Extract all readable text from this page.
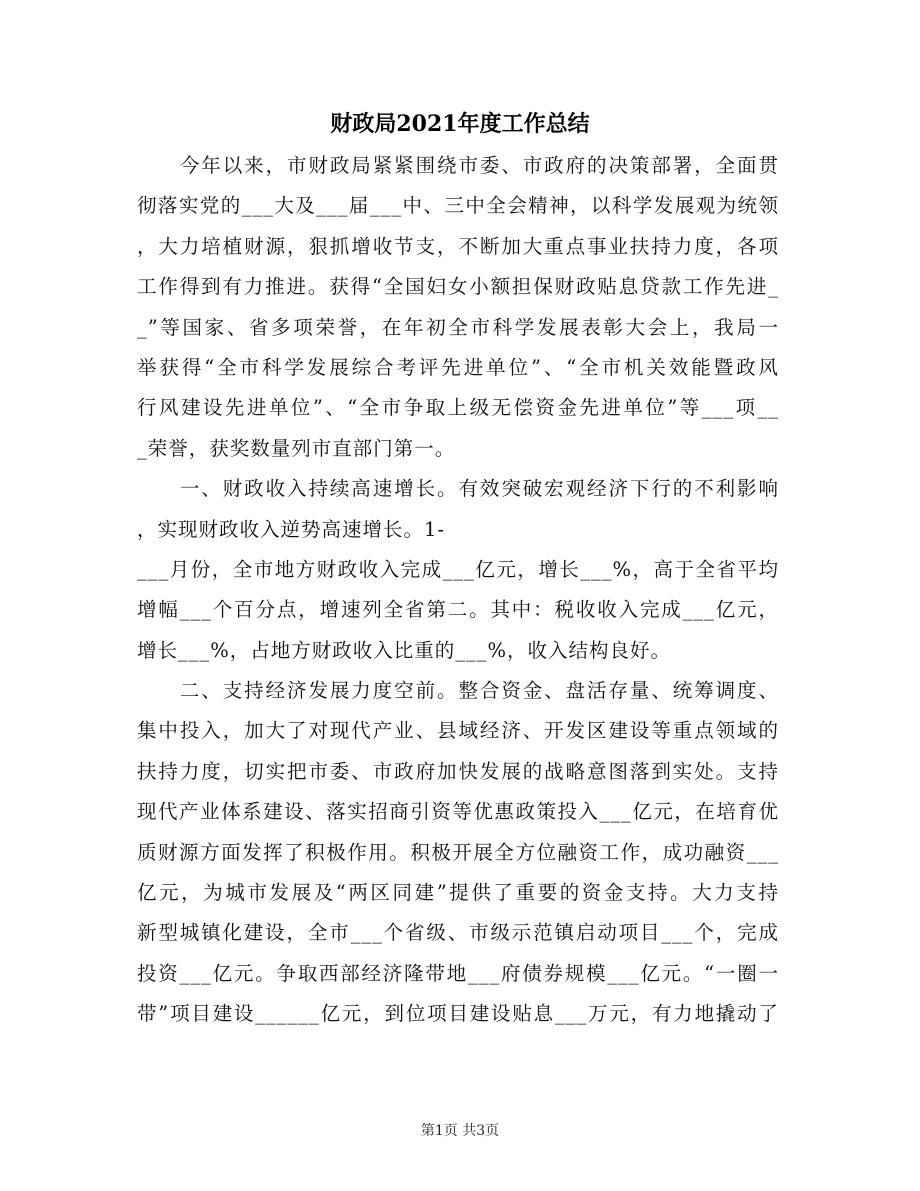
财政局2021年度工作总结
　　今年以来，市财政局紧紧围绕市委、市政府的决策部署，全面贯
彻落实党的___大及___届___中、三中全会精神，以科学发展观为统领
，大力培植财源，狠抓增收节支，不断加大重点事业扶持力度，各项
工作得到有力推进。获得“全国妇女小额担保财政贴息贷款工作先进_
_”等国家、省多项荣誉，在年初全市科学发展表彰大会上，我局一
举获得“全市科学发展综合考评先进单位”、“全市机关效能暨政风
行风建设先进单位”、“全市争取上级无偿资金先进单位”等___项__
_荣誉，获奖数量列市直部门第一。
　　一、财政收入持续高速增长。有效突破宏观经济下行的不利影响
，实现财政收入逆势高速增长。1-
___月份，全市地方财政收入完成___亿元，增长___%，高于全省平均
增幅___个百分点，增速列全省第二。其中：税收收入完成___亿元，
增长___%，占地方财政收入比重的___%，收入结构良好。
　　二、支持经济发展力度空前。整合资金、盘活存量、统筹调度、
集中投入，加大了对现代产业、县域经济、开发区建设等重点领域的
扶持力度，切实把市委、市政府加快发展的战略意图落到实处。支持
现代产业体系建设、落实招商引资等优惠政策投入___亿元，在培育优
质财源方面发挥了积极作用。积极开展全方位融资工作，成功融资___
亿元，为城市发展及“两区同建”提供了重要的资金支持。大力支持
新型城镇化建设，全市___个省级、市级示范镇启动项目___个，完成
投资___亿元。争取西部经济隆带地___府债券规模___亿元。“一圈一
带”项目建设______亿元，到位项目建设贴息___万元，有力地撬动了
第1页 共3页
